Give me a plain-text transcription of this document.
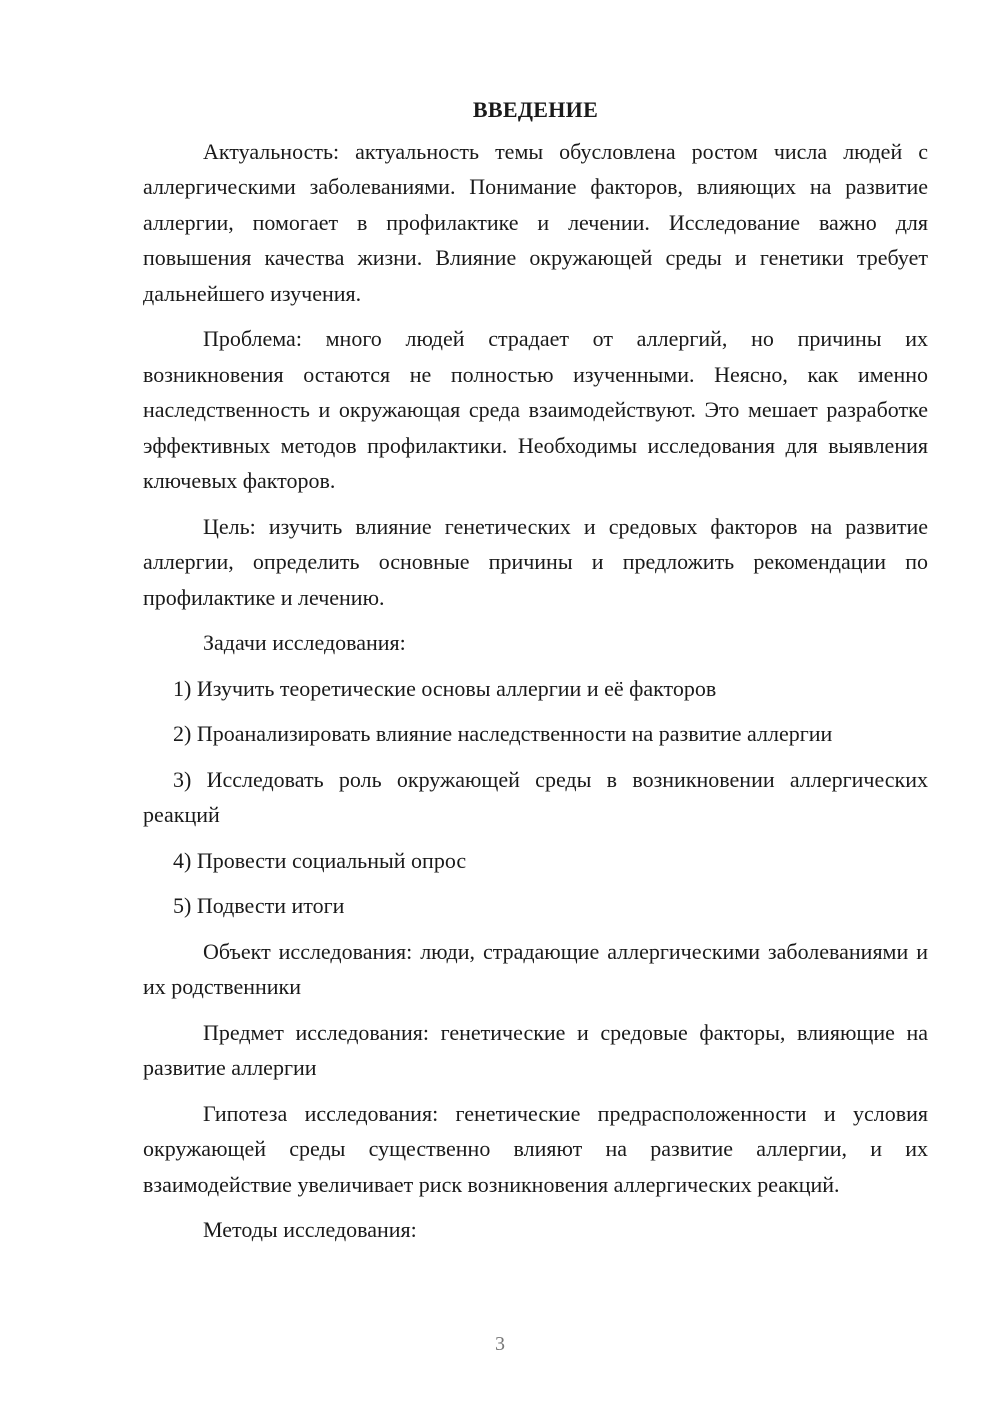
ВВЕДЕНИЕ

Актуальность: актуальность темы обусловлена ростом числа людей с аллергическими заболеваниями. Понимание факторов, влияющих на развитие аллергии, помогает в профилактике и лечении. Исследование важно для повышения качества жизни. Влияние окружающей среды и генетики требует дальнейшего изучения.

Проблема: много людей страдает от аллергий, но причины их возникновения остаются не полностью изученными. Неясно, как именно наследственность и окружающая среда взаимодействуют. Это мешает разработке эффективных методов профилактики. Необходимы исследования для выявления ключевых факторов.

Цель: изучить влияние генетических и средовых факторов на развитие аллергии, определить основные причины и предложить рекомендации по профилактике и лечению.

Задачи исследования:

1) Изучить теоретические основы аллергии и её факторов

2) Проанализировать влияние наследственности на развитие аллергии

3) Исследовать роль окружающей среды в возникновении аллергических реакций

4) Провести социальный опрос

5) Подвести итоги

Объект исследования: люди, страдающие аллергическими заболеваниями и их родственники

Предмет исследования: генетические и средовые факторы, влияющие на развитие аллергии

Гипотеза исследования: генетические предрасположенности и условия окружающей среды существенно влияют на развитие аллергии, и их взаимодействие увеличивает риск возникновения аллергических реакций.

Методы исследования:

3
